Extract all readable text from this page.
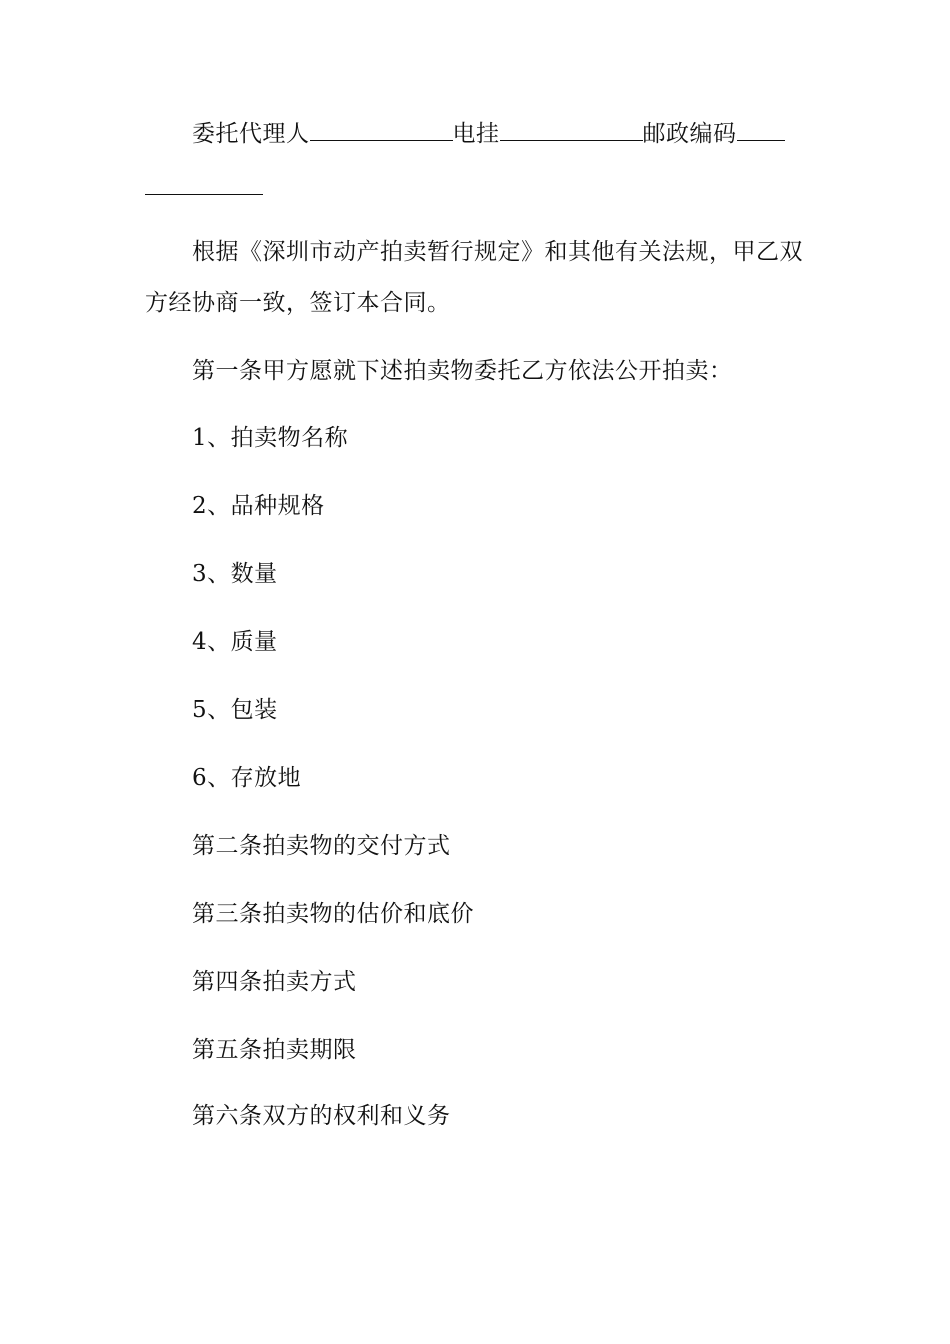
委托代理人	电挂	邮政编码
根据《深圳市动产拍卖暂行规定》和其他有关法规，甲乙双
方经协商一致，签订本合同。
第一条甲方愿就下述拍卖物委托乙方依法公开拍卖：
1、拍卖物名称
2、品种规格
3、数量
4、质量
5、包装
6、存放地
第二条拍卖物的交付方式
第三条拍卖物的估价和底价
第四条拍卖方式
第五条拍卖期限
第六条双方的权利和义务
